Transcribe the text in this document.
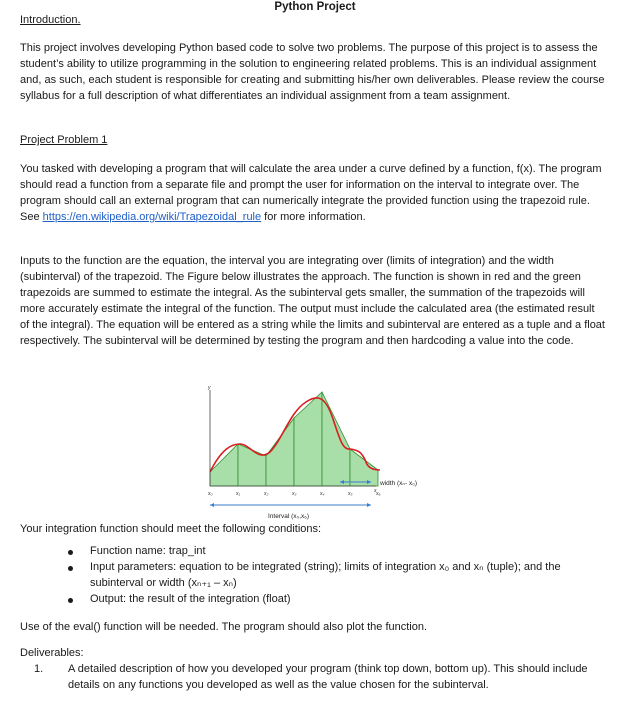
Python Project
Introduction.
This project involves developing Python based code to solve two problems. The purpose of this project is to assess the student’s ability to utilize programming in the solution to engineering related problems. This is an individual assignment and, as such, each student is responsible for creating and submitting his/her own deliverables. Please review the course syllabus for a full description of what differentiates an individual assignment from a team assignment.
Project Problem 1
You tasked with developing a program that will calculate the area under a curve defined by a function, f(x). The program should read a function from a separate file and prompt the user for information on the interval to integrate over. The program should call an external program that can numerically integrate the provided function using the trapezoid rule. See https://en.wikipedia.org/wiki/Trapezoidal_rule for more information.
Inputs to the function are the equation, the interval you are integrating over (limits of integration) and the width (subinterval) of the trapezoid. The Figure below illustrates the approach. The function is shown in red and the green trapezoids are summed to estimate the integral. As the subinterval gets smaller, the summation of the trapezoids will more accurately estimate the integral of the function. The output must include the calculated area (the estimated result of the integral). The equation will be entered as a string while the limits and subinterval are entered as a tuple and a float respectively. The subinterval will be determined by testing the program and then hardcoding a value into the code.
y
x
x₀	x₁	x₂	x₃	x₄	x₅	x₆
width (xₙ- x₀)
Interval (x₀,x₆)
Your integration function should meet the following conditions:
Function name: trap_int
Input parameters: equation to be integrated (string); limits of integration x₀ and xₙ (tuple); and the subinterval or width (xₙ₊₁ – xₙ)
Output: the result of the integration (float)
Use of the eval() function will be needed. The program should also plot the function.
Deliverables:
1. A detailed description of how you developed your program (think top down, bottom up). This should include details on any functions you developed as well as the value chosen for the subinterval.
